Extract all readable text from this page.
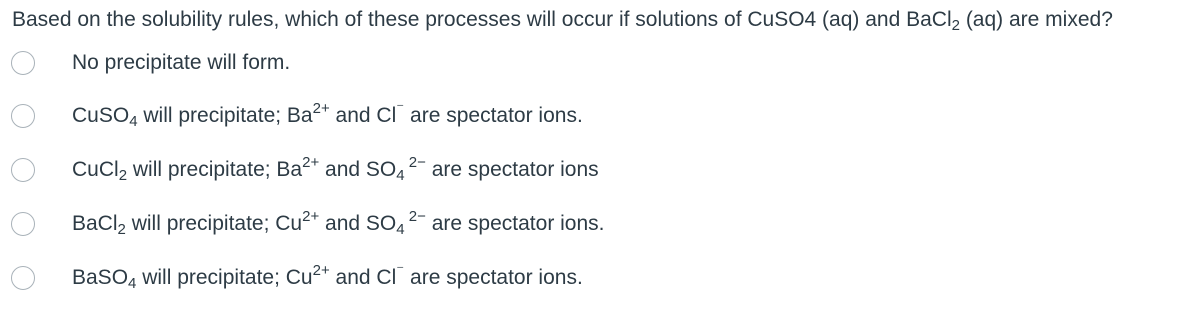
Based on the solubility rules, which of these processes will occur if solutions of CuSO4 (aq) and BaCl$_2$ (aq) are mixed?
No precipitate will form.
CuSO$_4$ will precipitate; $Ba^{2+}$ and Cl⁻ are spectator ions.
CuCl$_2$ will precipitate; $Ba^{2+}$ and $SO_4$ $^{2-}$ are spectator ions
BaCl$_2$ will precipitate; $Cu^{2+}$ and $SO_4$ $^{2-}$ are spectator ions.
BaSO$_4$ will precipitate; $Cu^{2+}$ and Cl⁻ are spectator ions.
